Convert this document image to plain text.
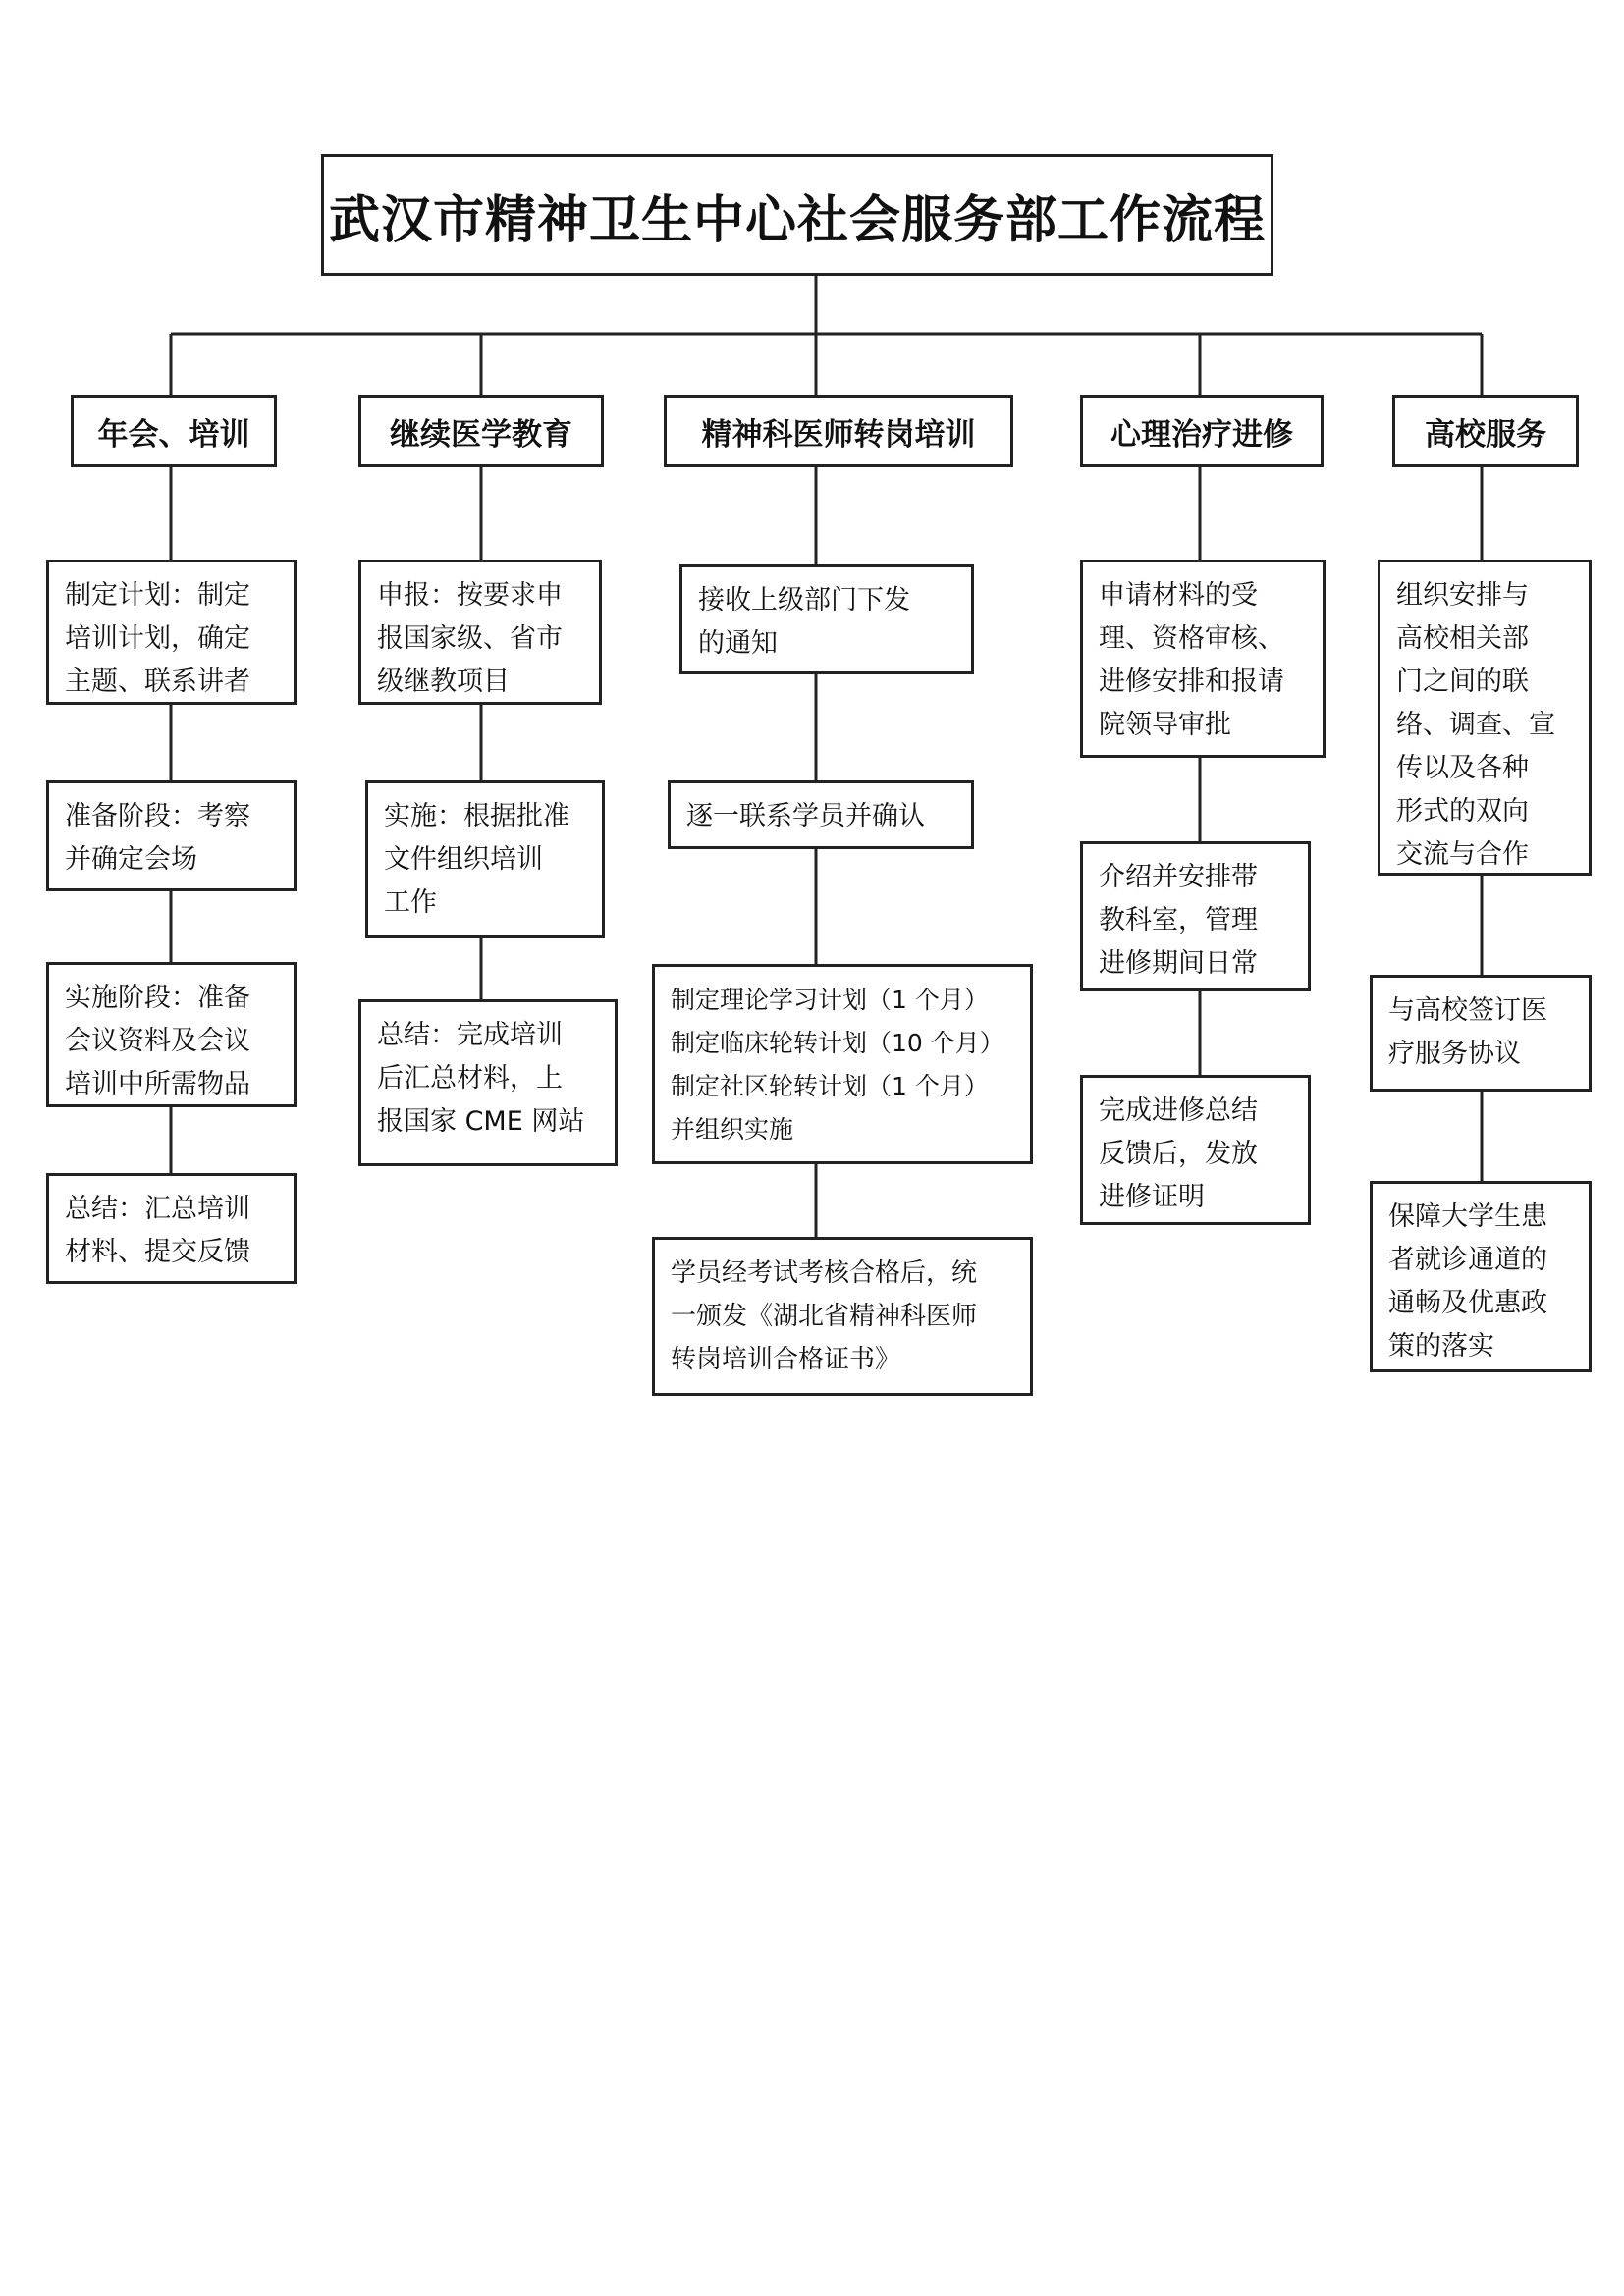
武汉市精神卫生中心社会服务部工作流程
年会、培训	继续医学教育	精神科医师转岗培训	心理治疗进修	高校服务
制定计划：制定
培训计划，确定
主题、联系讲者
准备阶段：考察
并确定会场
实施阶段：准备
会议资料及会议
培训中所需物品
总结：汇总培训
材料、提交反馈
申报：按要求申
报国家级、省市
级继教项目
实施：根据批准
文件组织培训
工作
总结：完成培训
后汇总材料，上
报国家 CME 网站
接收上级部门下发
的通知
逐一联系学员并确认
制定理论学习计划（1 个月）
制定临床轮转计划（10 个月）
制定社区轮转计划（1 个月）
并组织实施
学员经考试考核合格后，统
一颁发《湖北省精神科医师
转岗培训合格证书》
申请材料的受
理、资格审核、
进修安排和报请
院领导审批
介绍并安排带
教科室，管理
进修期间日常
完成进修总结
反馈后，发放
进修证明
组织安排与
高校相关部
门之间的联
络、调查、宣
传以及各种
形式的双向
交流与合作
与高校签订医
疗服务协议
保障大学生患
者就诊通道的
通畅及优惠政
策的落实
